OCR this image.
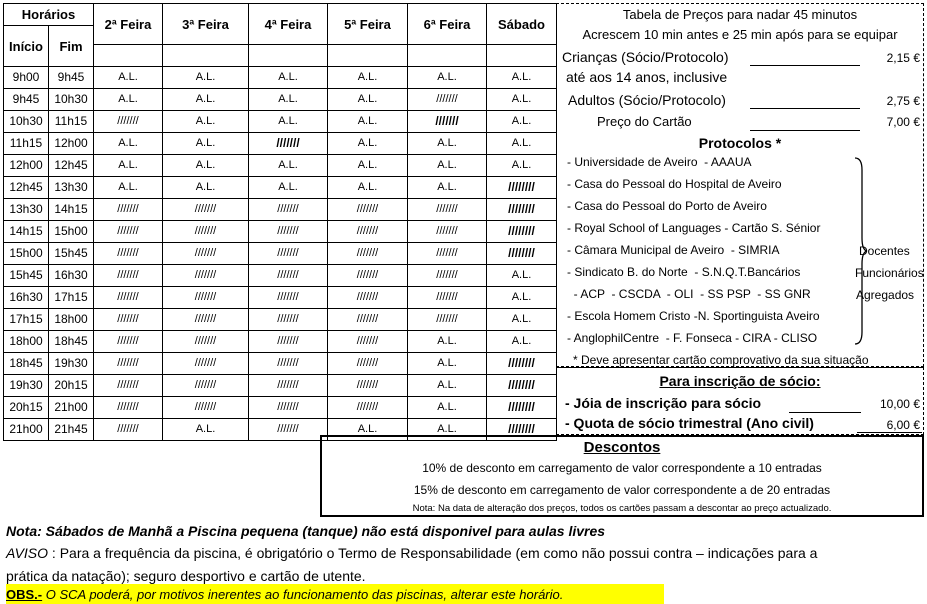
Horários		2ª Feira	3ª Feira	4ª Feira	5ª Feira	6ª Feira	Sábado
Início	Fim						

9h00	9h45	A.L.	A.L.	A.L.	A.L.	A.L.	A.L.
9h45	10h30	A.L.	A.L.	A.L.	A.L.	///////	A.L.
10h30	11h15	///////	A.L.	A.L.	A.L.	///////	A.L.
11h15	12h00	A.L.	A.L.	///////	A.L.	A.L.	A.L.
12h00	12h45	A.L.	A.L.	A.L.	A.L.	A.L.	A.L.
12h45	13h30	A.L.	A.L.	A.L.	A.L.	A.L.	////////
13h30	14h15	///////	///////	///////	///////	///////	////////
14h15	15h00	///////	///////	///////	///////	///////	////////
15h00	15h45	///////	///////	///////	///////	///////	////////
15h45	16h30	///////	///////	///////	///////	///////	A.L.
16h30	17h15	///////	///////	///////	///////	///////	A.L.
17h15	18h00	///////	///////	///////	///////	///////	A.L.
18h00	18h45	///////	///////	///////	///////	A.L.	A.L.
18h45	19h30	///////	///////	///////	///////	A.L.	////////
19h30	20h15	///////	///////	///////	///////	A.L.	////////
20h15	21h00	///////	///////	///////	///////	A.L.	////////
21h00	21h45	///////	A.L.	///////	A.L.	A.L.	////////
Tabela de Preços para nadar 45 minutos
Acrescem 10 min antes e 25 min após para se equipar
Crianças (Sócio/Protocolo)	2,15 €
até aos 14 anos, inclusive
Adultos (Sócio/Protocolo)	2,75 €
Preço do Cartão	7,00 €
Protocolos *
- Universidade de Aveiro  - AAAUA
- Casa do Pessoal do Hospital de Aveiro
- Casa do Pessoal do Porto de Aveiro
- Royal School of Languages - Cartão S. Sénior
- Câmara Municipal de Aveiro  - SIMRIA
- Sindicato B. do Norte  - S.N.Q.T.Bancários
- ACP  - CSCDA  - OLI  - SS PSP  - SS GNR
- Escola Homem Cristo -N. Sportinguista Aveiro
- AnglophilCentre  - F. Fonseca - CIRA - CLISO
Docentes
Funcionários
Agregados
* Deve apresentar cartão comprovativo da sua situação
Para inscrição de sócio:
- Jóia de inscrição para sócio	10,00 €
- Quota de sócio trimestral (Ano civil)	6,00 €
Descontos
10% de desconto em carregamento de valor correspondente a 10 entradas
15% de desconto em carregamento de valor correspondente a de 20 entradas
Nota: Na data de alteração dos preços, todos os cartões passam a descontar ao preço actualizado.
Nota: Sábados de Manhã a Piscina pequena (tanque) não está disponivel para aulas livres
AVISO : Para a frequência da piscina, é obrigatório o Termo de Responsabilidade (em como não possui contra – indicações para a
prática da natação); seguro desportivo e cartão de utente.
OBS.- O SCA poderá, por motivos inerentes ao funcionamento das piscinas, alterar este horário.
